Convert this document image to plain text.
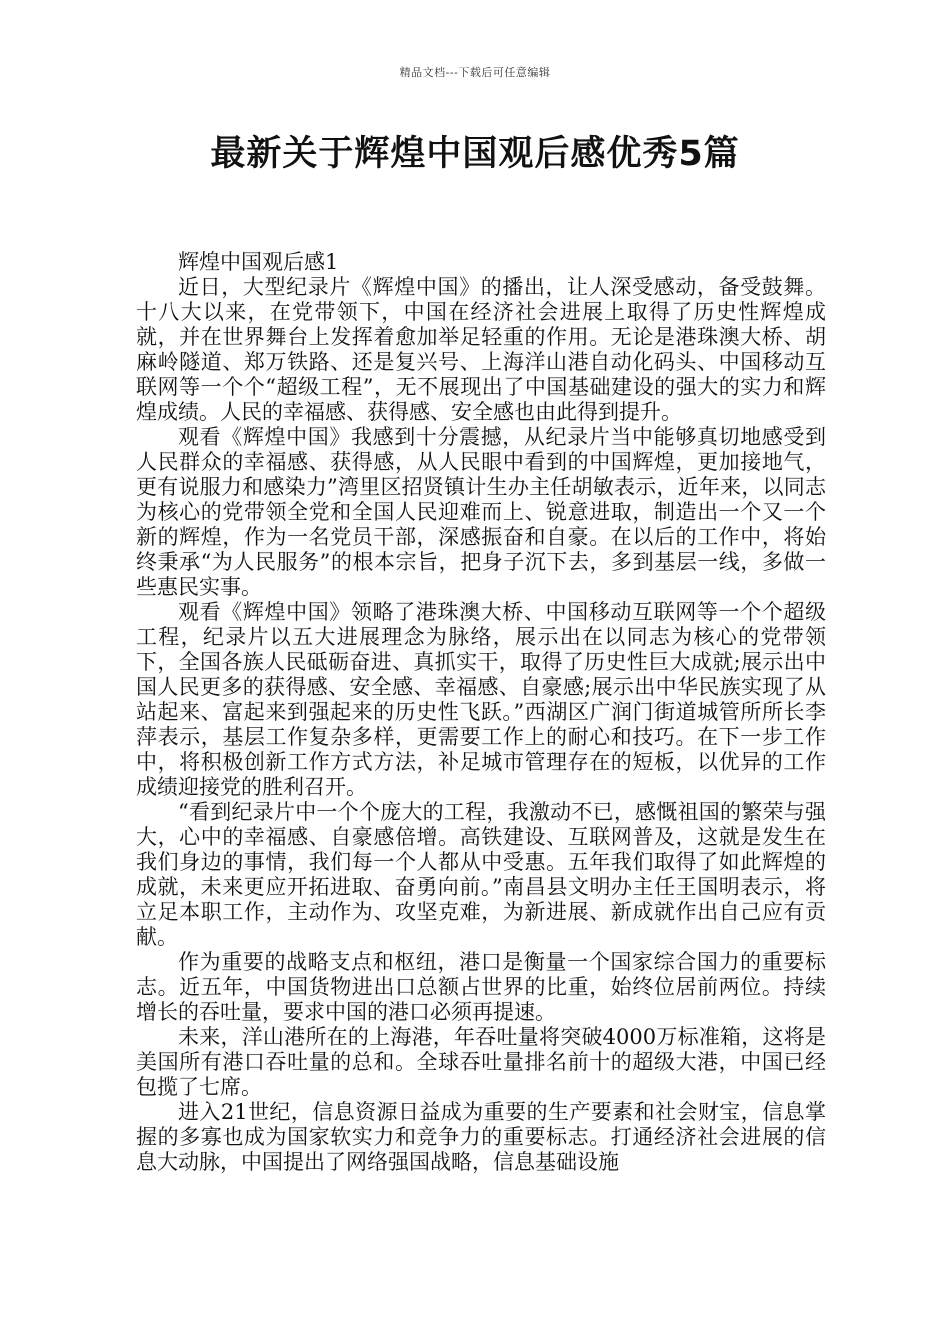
精品文档---下载后可任意编辑
最新关于辉煌中国观后感优秀5篇

辉煌中国观后感1

近日，大型纪录片《辉煌中国》的播出，让人深受感动，备受鼓舞。十八大以来，在党带领下，中国在经济社会进展上取得了历史性辉煌成就，并在世界舞台上发挥着愈加举足轻重的作用。无论是港珠澳大桥、胡麻岭隧道、郑万铁路、还是复兴号、上海洋山港自动化码头、中国移动互联网等一个个“超级工程”，无不展现出了中国基础建设的强大的实力和辉煌成绩。人民的幸福感、获得感、安全感也由此得到提升。

观看《辉煌中国》我感到十分震撼，从纪录片当中能够真切地感受到人民群众的幸福感、获得感，从人民眼中看到的中国辉煌，更加接地气，更有说服力和感染力”湾里区招贤镇计生办主任胡敏表示，近年来，以同志为核心的党带领全党和全国人民迎难而上、锐意进取，制造出一个又一个新的辉煌，作为一名党员干部，深感振奋和自豪。在以后的工作中，将始终秉承“为人民服务”的根本宗旨，把身子沉下去，多到基层一线，多做一些惠民实事。

观看《辉煌中国》领略了港珠澳大桥、中国移动互联网等一个个超级工程，纪录片以五大进展理念为脉络，展示出在以同志为核心的党带领下，全国各族人民砥砺奋进、真抓实干，取得了历史性巨大成就;展示出中国人民更多的获得感、安全感、幸福感、自豪感;展示出中华民族实现了从站起来、富起来到强起来的历史性飞跃。”西湖区广润门街道城管所所长李萍表示，基层工作复杂多样，更需要工作上的耐心和技巧。在下一步工作中，将积极创新工作方式方法，补足城市管理存在的短板，以优异的工作成绩迎接党的胜利召开。

“看到纪录片中一个个庞大的工程，我激动不已，感慨祖国的繁荣与强大，心中的幸福感、自豪感倍增。高铁建设、互联网普及，这就是发生在我们身边的事情，我们每一个人都从中受惠。五年我们取得了如此辉煌的成就，未来更应开拓进取、奋勇向前。”南昌县文明办主任王国明表示，将立足本职工作，主动作为、攻坚克难，为新进展、新成就作出自己应有贡献。

作为重要的战略支点和枢纽，港口是衡量一个国家综合国力的重要标志。近五年，中国货物进出口总额占世界的比重，始终位居前两位。持续增长的吞吐量，要求中国的港口必须再提速。

未来，洋山港所在的上海港，年吞吐量将突破4000万标准箱，这将是美国所有港口吞吐量的总和。全球吞吐量排名前十的超级大港，中国已经包揽了七席。

进入21世纪，信息资源日益成为重要的生产要素和社会财宝，信息掌握的多寡也成为国家软实力和竞争力的重要标志。打通经济社会进展的信息大动脉，中国提出了网络强国战略，信息基础设施
